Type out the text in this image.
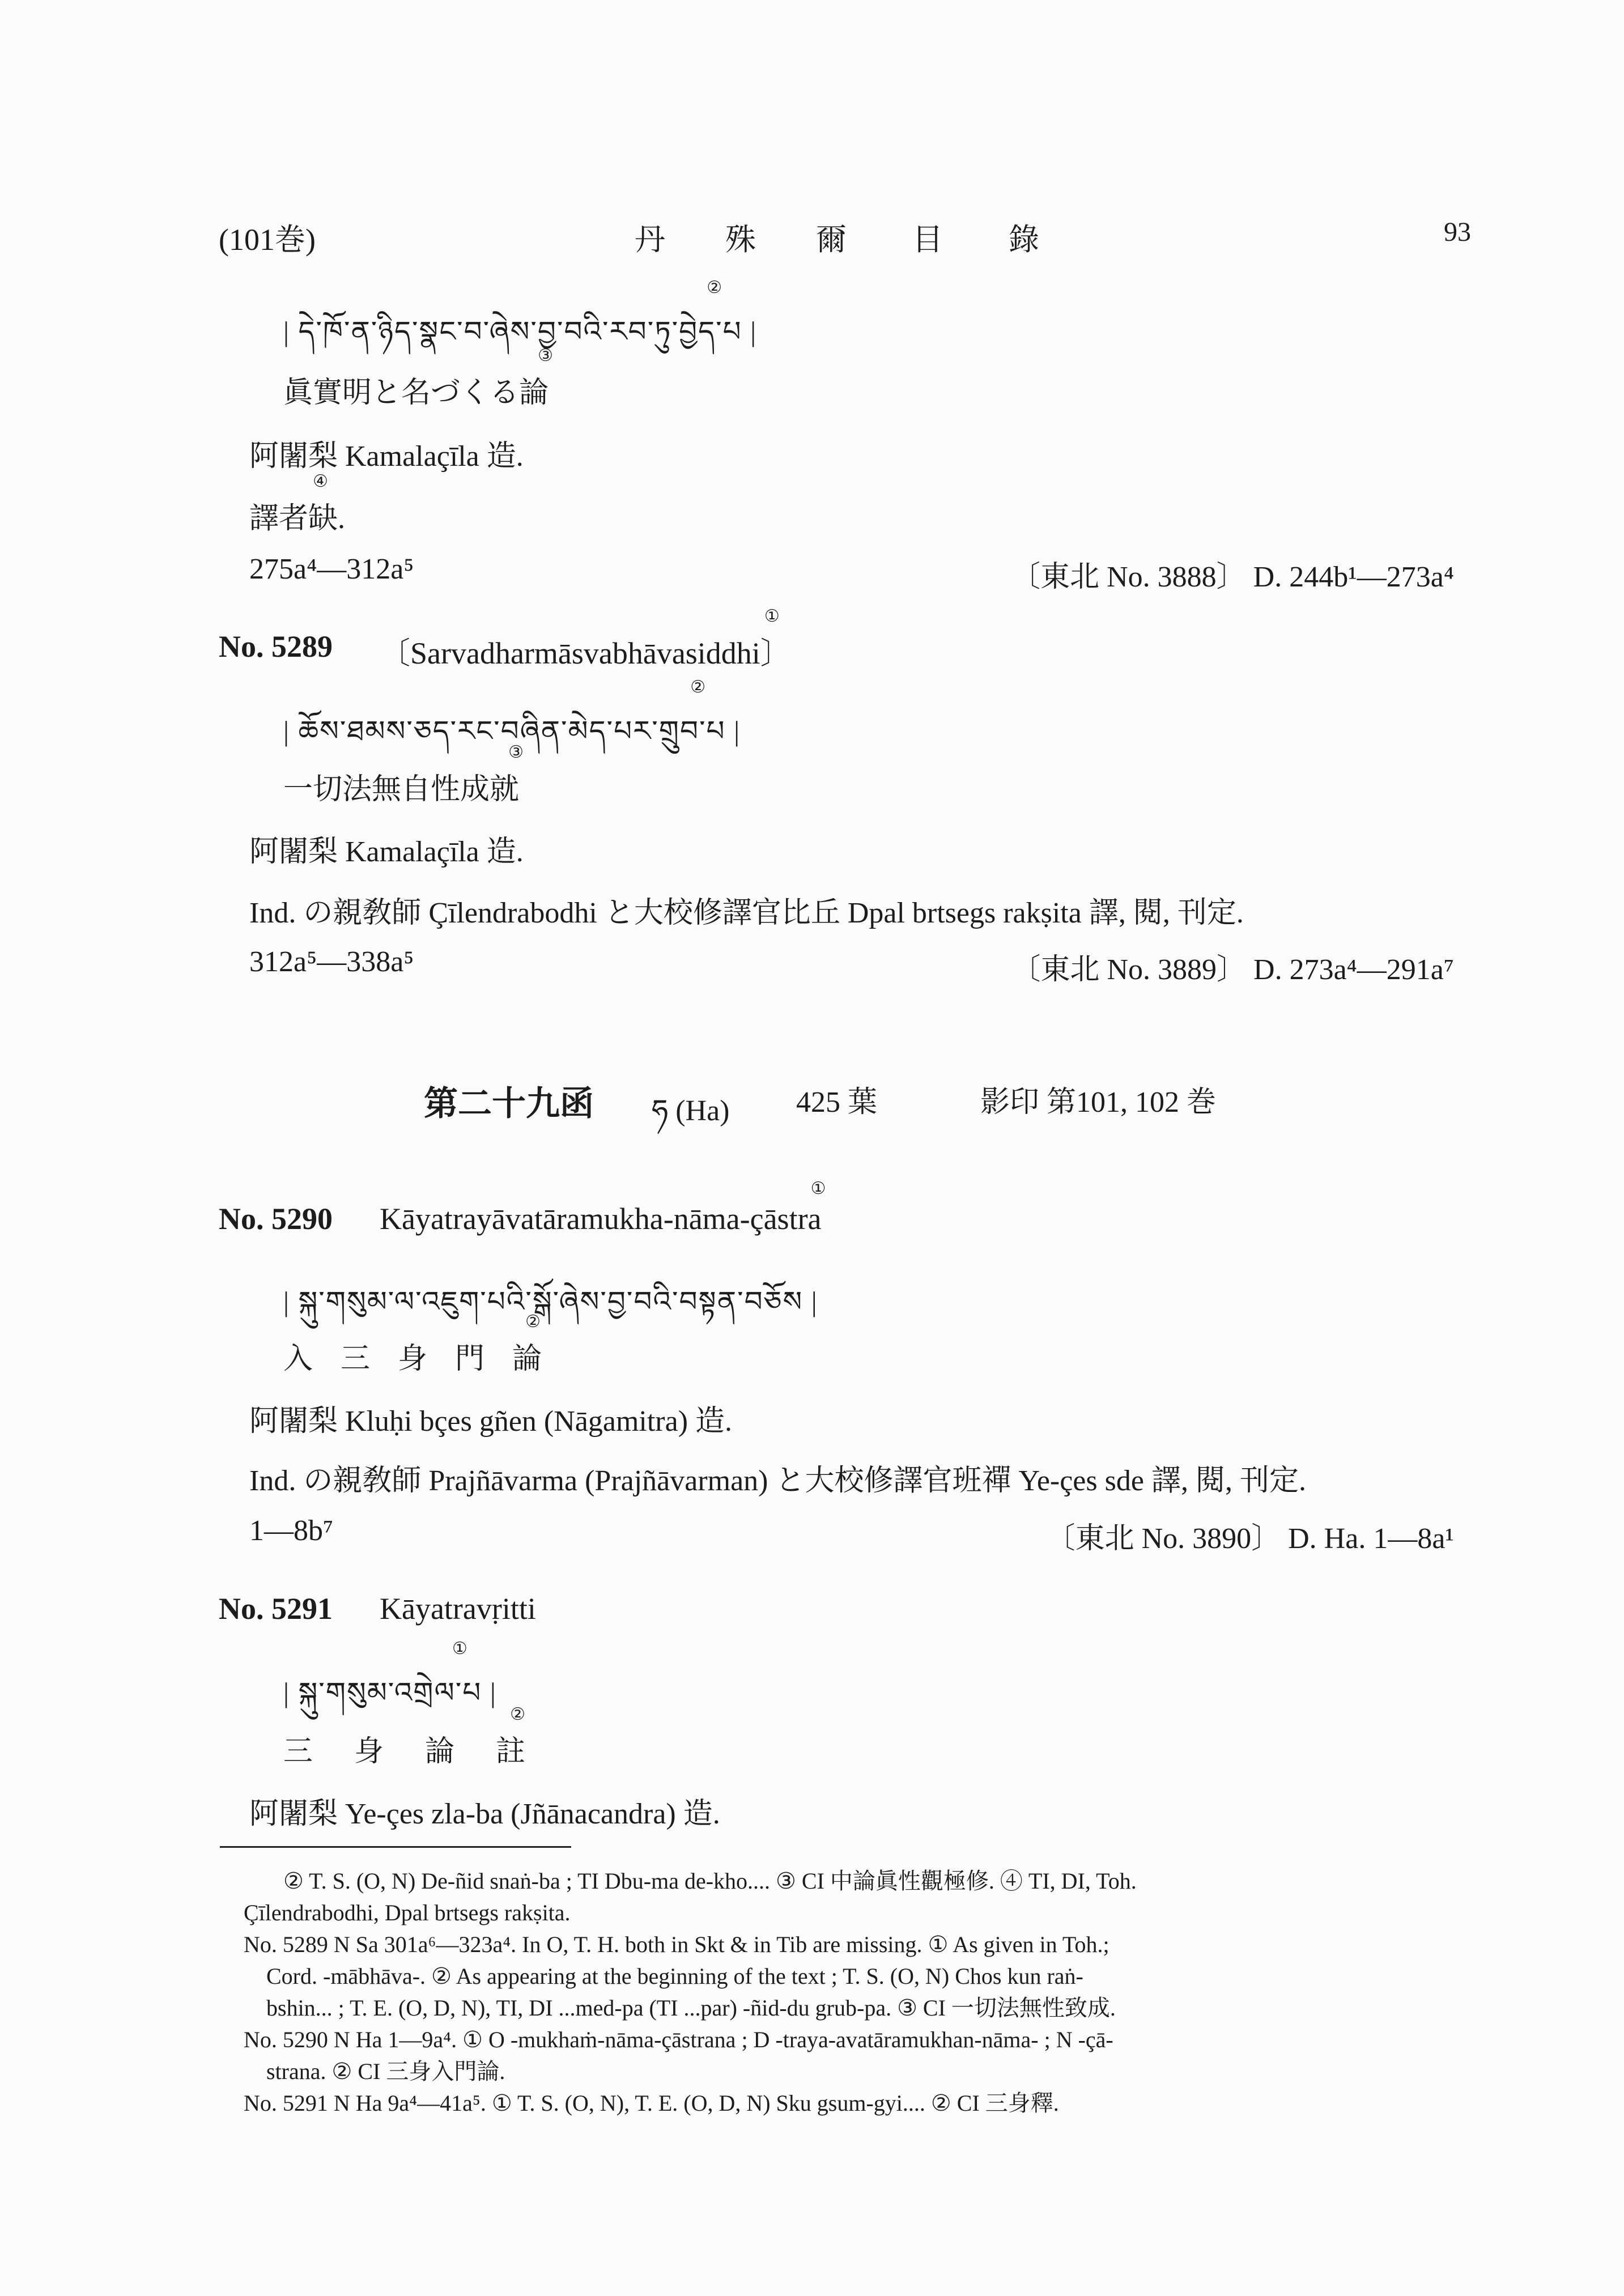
(101巻)	丹 殊 爾 目 錄	93
| དེ་ཁོ་ན་ཉིད་སྣང་བ་ཞེས་བྱ་བའི་རབ་ཏུ་བྱེད་པ |
②
眞實明と名づくる論
③
阿闍梨 Kamalaçīla 造.
譯者缺.
④
275a⁴—312a⁵	〔東北 No. 3888〕 D. 244b¹—273a⁴
No. 5289 〔Sarvadharmāsvabhāvasiddhi〕
①
| ཆོས་ཐམས་ཅད་རང་བཞིན་མེད་པར་གྲུབ་པ |
②
一切法無自性成就
③
阿闍梨 Kamalaçīla 造.
Ind. の親敎師 Çīlendrabodhi と大校修譯官比丘 Dpal brtsegs rakṣita 譯, 閱, 刊定.
312a⁵—338a⁵	〔東北 No. 3889〕 D. 273a⁴—291a⁷
第二十九函 ཧ (Ha) 425 葉	影印 第101, 102 巻
No. 5290 Kāyatrayāvatāramukha-nāma-çāstra
①
| སྐུ་གསུམ་ལ་འཇུག་པའི་སྒོ་ཞེས་བྱ་བའི་བསྟན་བཅོས |
入 三 身 門 論
②
阿闍梨 Kluḥi bçes gñen (Nāgamitra) 造.
Ind. の親敎師 Prajñāvarma (Prajñāvarman) と大校修譯官班禪 Ye-çes sde 譯, 閱, 刊定.
1—8b⁷	〔東北 No. 3890〕 D. Ha. 1—8a¹
No. 5291 Kāyatravṛitti
| སྐུ་གསུམ་འགྲེལ་པ |
①
三 身 論 註
②
阿闍梨 Ye-çes zla-ba (Jñānacandra) 造.
② T. S. (O, N) De-ñid snaṅ-ba ; TI Dbu-ma de-kho.... ③ CI 中論眞性觀極修. ④ TI, DI, Toh.
Çīlendrabodhi, Dpal brtsegs rakṣita.
No. 5289 N Sa 301a⁶—323a⁴. In O, T. H. both in Skt & in Tib are missing. ① As given in Toh.;
Cord. -mābhāva-. ② As appearing at the beginning of the text ; T. S. (O, N) Chos kun raṅ-
bshin... ; T. E. (O, D, N), TI, DI ...med-pa (TI ...par) -ñid-du grub-pa. ③ CI 一切法無性致成.
No. 5290 N Ha 1—9a⁴. ① O -mukhaṁ-nāma-çāstrana ; D -traya-avatāramukhan-nāma- ; N -çā-
strana. ② CI 三身入門論.
No. 5291 N Ha 9a⁴—41a⁵. ① T. S. (O, N), T. E. (O, D, N) Sku gsum-gyi.... ② CI 三身釋.
